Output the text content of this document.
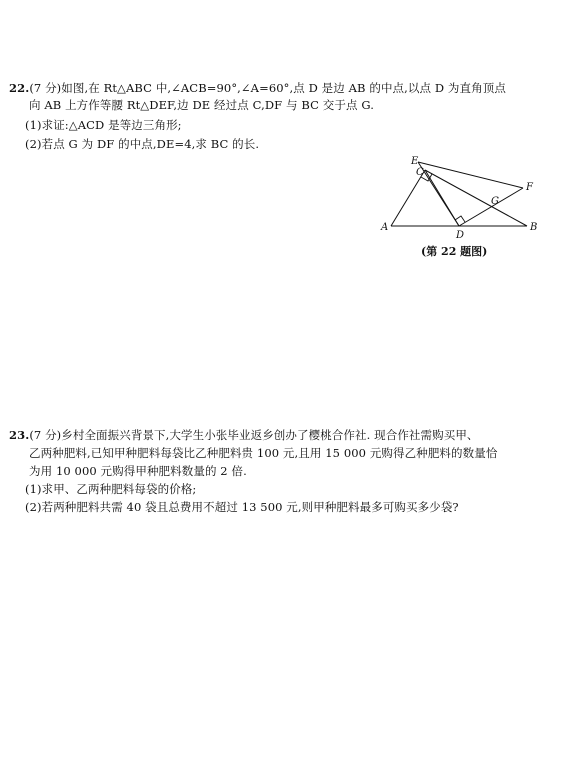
22.(7 分)如图,在 Rt△ABC 中,∠ACB=90°,∠A=60°,点 D 是边 AB 的中点,以点 D 为直角顶点
向 AB 上方作等腰 Rt△DEF,边 DE 经过点 C,DF 与 BC 交于点 G.
(1)求证:△ACD 是等边三角形;
(2)若点 G 为 DF 的中点,DE=4,求 BC 的长.
A	B
C
D
E
F
G
(第 22 题图)
23.(7 分)乡村全面振兴背景下,大学生小张毕业返乡创办了樱桃合作社. 现合作社需购买甲、
乙两种肥料,已知甲种肥料每袋比乙种肥料贵 100 元,且用 15 000 元购得乙种肥料的数量恰
为用 10 000 元购得甲种肥料数量的 2 倍.
(1)求甲、乙两种肥料每袋的价格;
(2)若两种肥料共需 40 袋且总费用不超过 13 500 元,则甲种肥料最多可购买多少袋?
